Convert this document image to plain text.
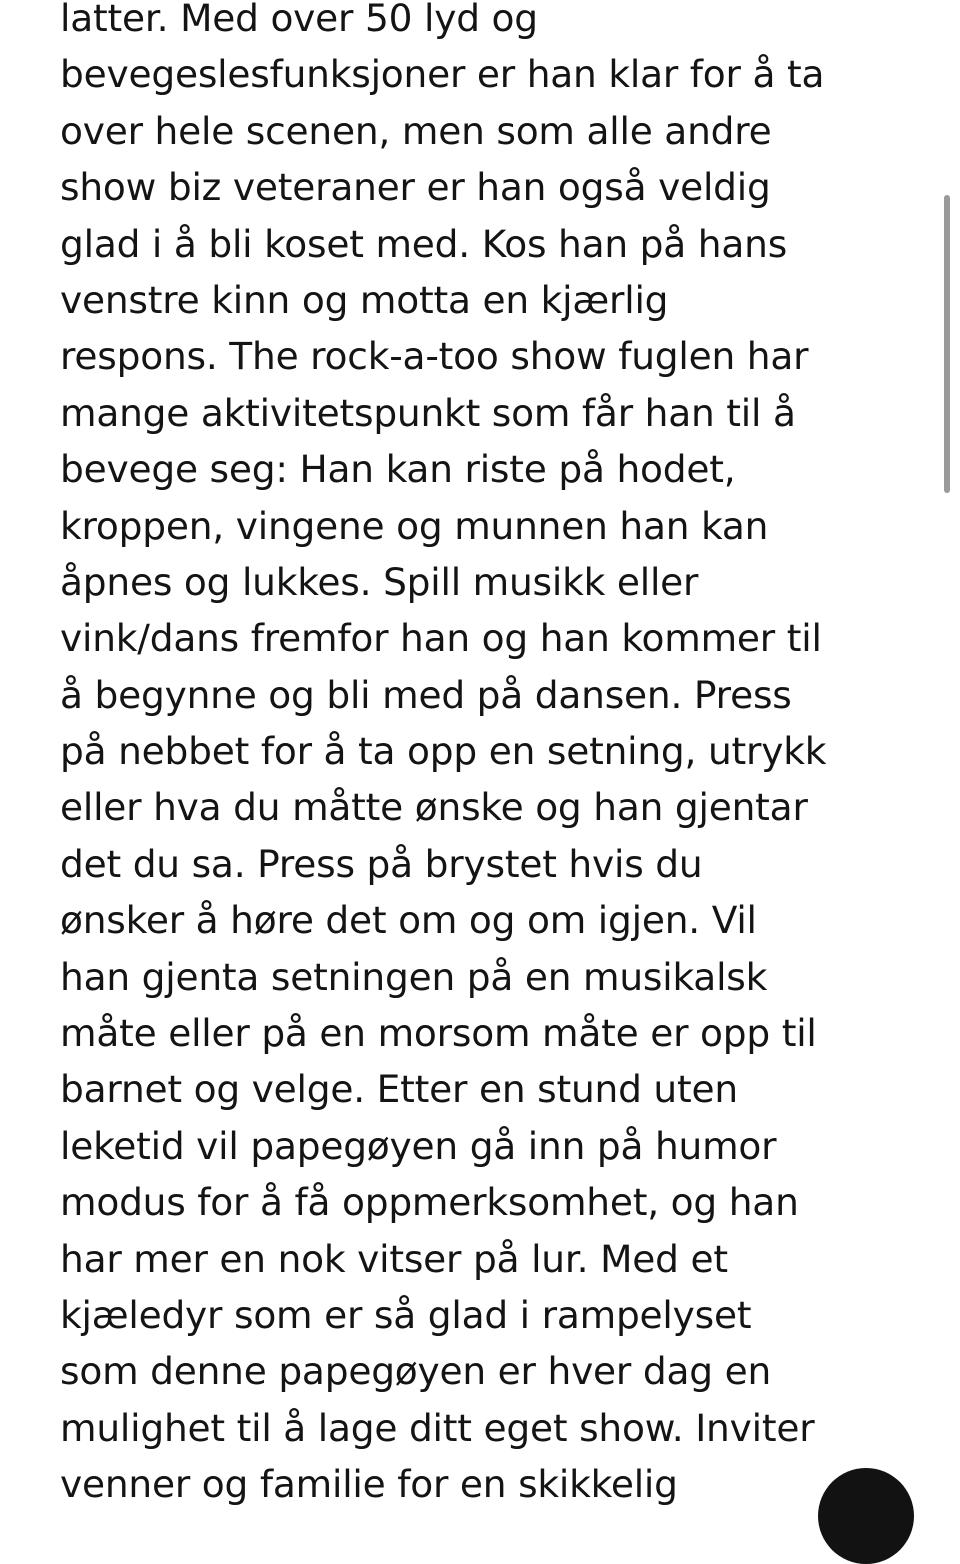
latter. Med over 50 lyd og
bevegeslesfunksjoner er han klar for å ta
over hele scenen, men som alle andre
show biz veteraner er han også veldig
glad i å bli koset med. Kos han på hans
venstre kinn og motta en kjærlig
respons. The rock-a-too show fuglen har
mange aktivitetspunkt som får han til å
bevege seg: Han kan riste på hodet,
kroppen, vingene og munnen han kan
åpnes og lukkes. Spill musikk eller
vink/dans fremfor han og han kommer til
å begynne og bli med på dansen. Press
på nebbet for å ta opp en setning, utrykk
eller hva du måtte ønske og han gjentar
det du sa. Press på brystet hvis du
ønsker å høre det om og om igjen. Vil
han gjenta setningen på en musikalsk
måte eller på en morsom måte er opp til
barnet og velge. Etter en stund uten
leketid vil papegøyen gå inn på humor
modus for å få oppmerksomhet, og han
har mer en nok vitser på lur. Med et
kjæledyr som er så glad i rampelyset
som denne papegøyen er hver dag en
mulighet til å lage ditt eget show. Inviter
venner og familie for en skikkelig
